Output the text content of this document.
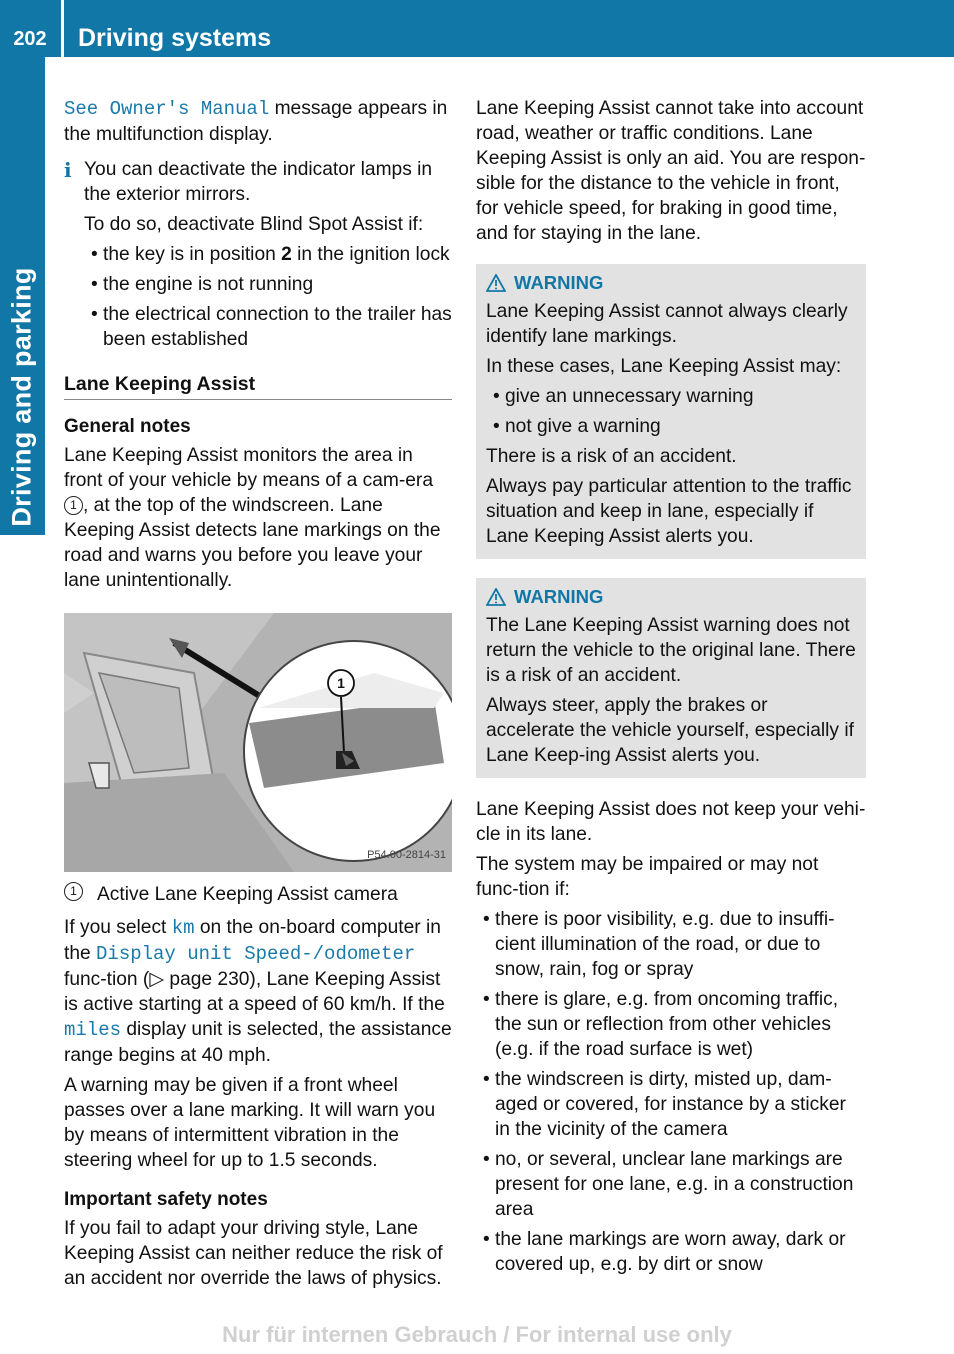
202	Driving systems
Driving and parking

See Owner's Manual message appears in the multifunction display.

i You can deactivate the indicator lamps in the exterior mirrors.

To do so, deactivate Blind Spot Assist if:

• the key is in position 2 in the ignition lock
• the engine is not running
• the electrical connection to the trailer has been established
Lane Keeping Assist
General notes

Lane Keeping Assist monitors the area in front of your vehicle by means of a cam-era 1 , at the top of the windscreen. Lane Keeping Assist detects lane markings on the road and warns you before you leave your lane unintentionally.

1
P54.00-2814-31
1	Active Lane Keeping Assist camera

If you select km on the on-board computer in the Display unit Speed-/odometer func-tion (▷ page 230), Lane Keeping Assist is active starting at a speed of 60 km/h. If the miles display unit is selected, the assistance range begins at 40 mph.

A warning may be given if a front wheel passes over a lane marking. It will warn you by means of intermittent vibration in the steering wheel for up to 1.5 seconds.

Important safety notes

If you fail to adapt your driving style, Lane Keeping Assist can neither reduce the risk of an accident nor override the laws of physics.

Lane Keeping Assist cannot take into account road, weather or traffic conditions. Lane Keeping Assist is only an aid. You are respon-sible for the distance to the vehicle in front, for vehicle speed, for braking in good time, and for staying in the lane.

WARNING

Lane Keeping Assist cannot always clearly identify lane markings.

In these cases, Lane Keeping Assist may:

• give an unnecessary warning
• not give a warning

There is a risk of an accident.

Always pay particular attention to the traffic situation and keep in lane, especially if Lane Keeping Assist alerts you.

WARNING

The Lane Keeping Assist warning does not return the vehicle to the original lane. There is a risk of an accident.

Always steer, apply the brakes or accelerate the vehicle yourself, especially if Lane Keep-ing Assist alerts you.

Lane Keeping Assist does not keep your vehi-cle in its lane.

The system may be impaired or may not func-tion if:

• there is poor visibility, e.g. due to insuffi-cient illumination of the road, or due to snow, rain, fog or spray
• there is glare, e.g. from oncoming traffic, the sun or reflection from other vehicles (e.g. if the road surface is wet)
• the windscreen is dirty, misted up, dam-aged or covered, for instance by a sticker in the vicinity of the camera
• no, or several, unclear lane markings are present for one lane, e.g. in a construction area
• the lane markings are worn away, dark or covered up, e.g. by dirt or snow
Nur für internen Gebrauch / For internal use only
